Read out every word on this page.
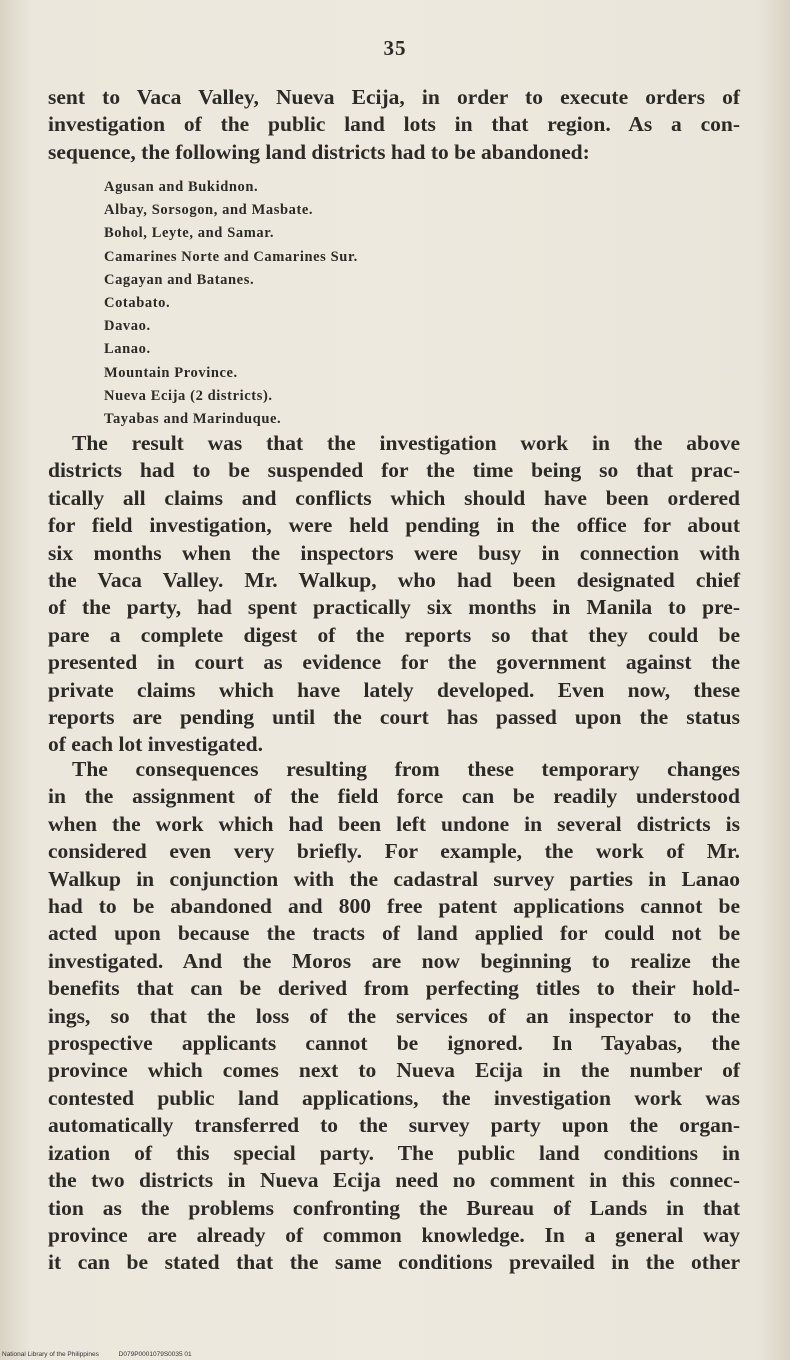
35
sent to Vaca Valley, Nueva Ecija, in order to execute orders of
investigation of the public land lots in that region. As a con-
sequence, the following land districts had to be abandoned:
Agusan and Bukidnon.
Albay, Sorsogon, and Masbate.
Bohol, Leyte, and Samar.
Camarines Norte and Camarines Sur.
Cagayan and Batanes.
Cotabato.
Davao.
Lanao.
Mountain Province.
Nueva Ecija (2 districts).
Tayabas and Marinduque.
The result was that the investigation work in the above
districts had to be suspended for the time being so that prac-
tically all claims and conflicts which should have been ordered
for field investigation, were held pending in the office for about
six months when the inspectors were busy in connection with
the Vaca Valley. Mr. Walkup, who had been designated chief
of the party, had spent practically six months in Manila to pre-
pare a complete digest of the reports so that they could be
presented in court as evidence for the government against the
private claims which have lately developed. Even now, these
reports are pending until the court has passed upon the status
of each lot investigated.
The consequences resulting from these temporary changes
in the assignment of the field force can be readily understood
when the work which had been left undone in several districts is
considered even very briefly. For example, the work of Mr.
Walkup in conjunction with the cadastral survey parties in Lanao
had to be abandoned and 800 free patent applications cannot be
acted upon because the tracts of land applied for could not be
investigated. And the Moros are now beginning to realize the
benefits that can be derived from perfecting titles to their hold-
ings, so that the loss of the services of an inspector to the
prospective applicants cannot be ignored. In Tayabas, the
province which comes next to Nueva Ecija in the number of
contested public land applications, the investigation work was
automatically transferred to the survey party upon the organ-
ization of this special party. The public land conditions in
the two districts in Nueva Ecija need no comment in this connec-
tion as the problems confronting the Bureau of Lands in that
province are already of common knowledge. In a general way
it can be stated that the same conditions prevailed in the other
National Library of the Philippines	D079P0001079S0035 01
